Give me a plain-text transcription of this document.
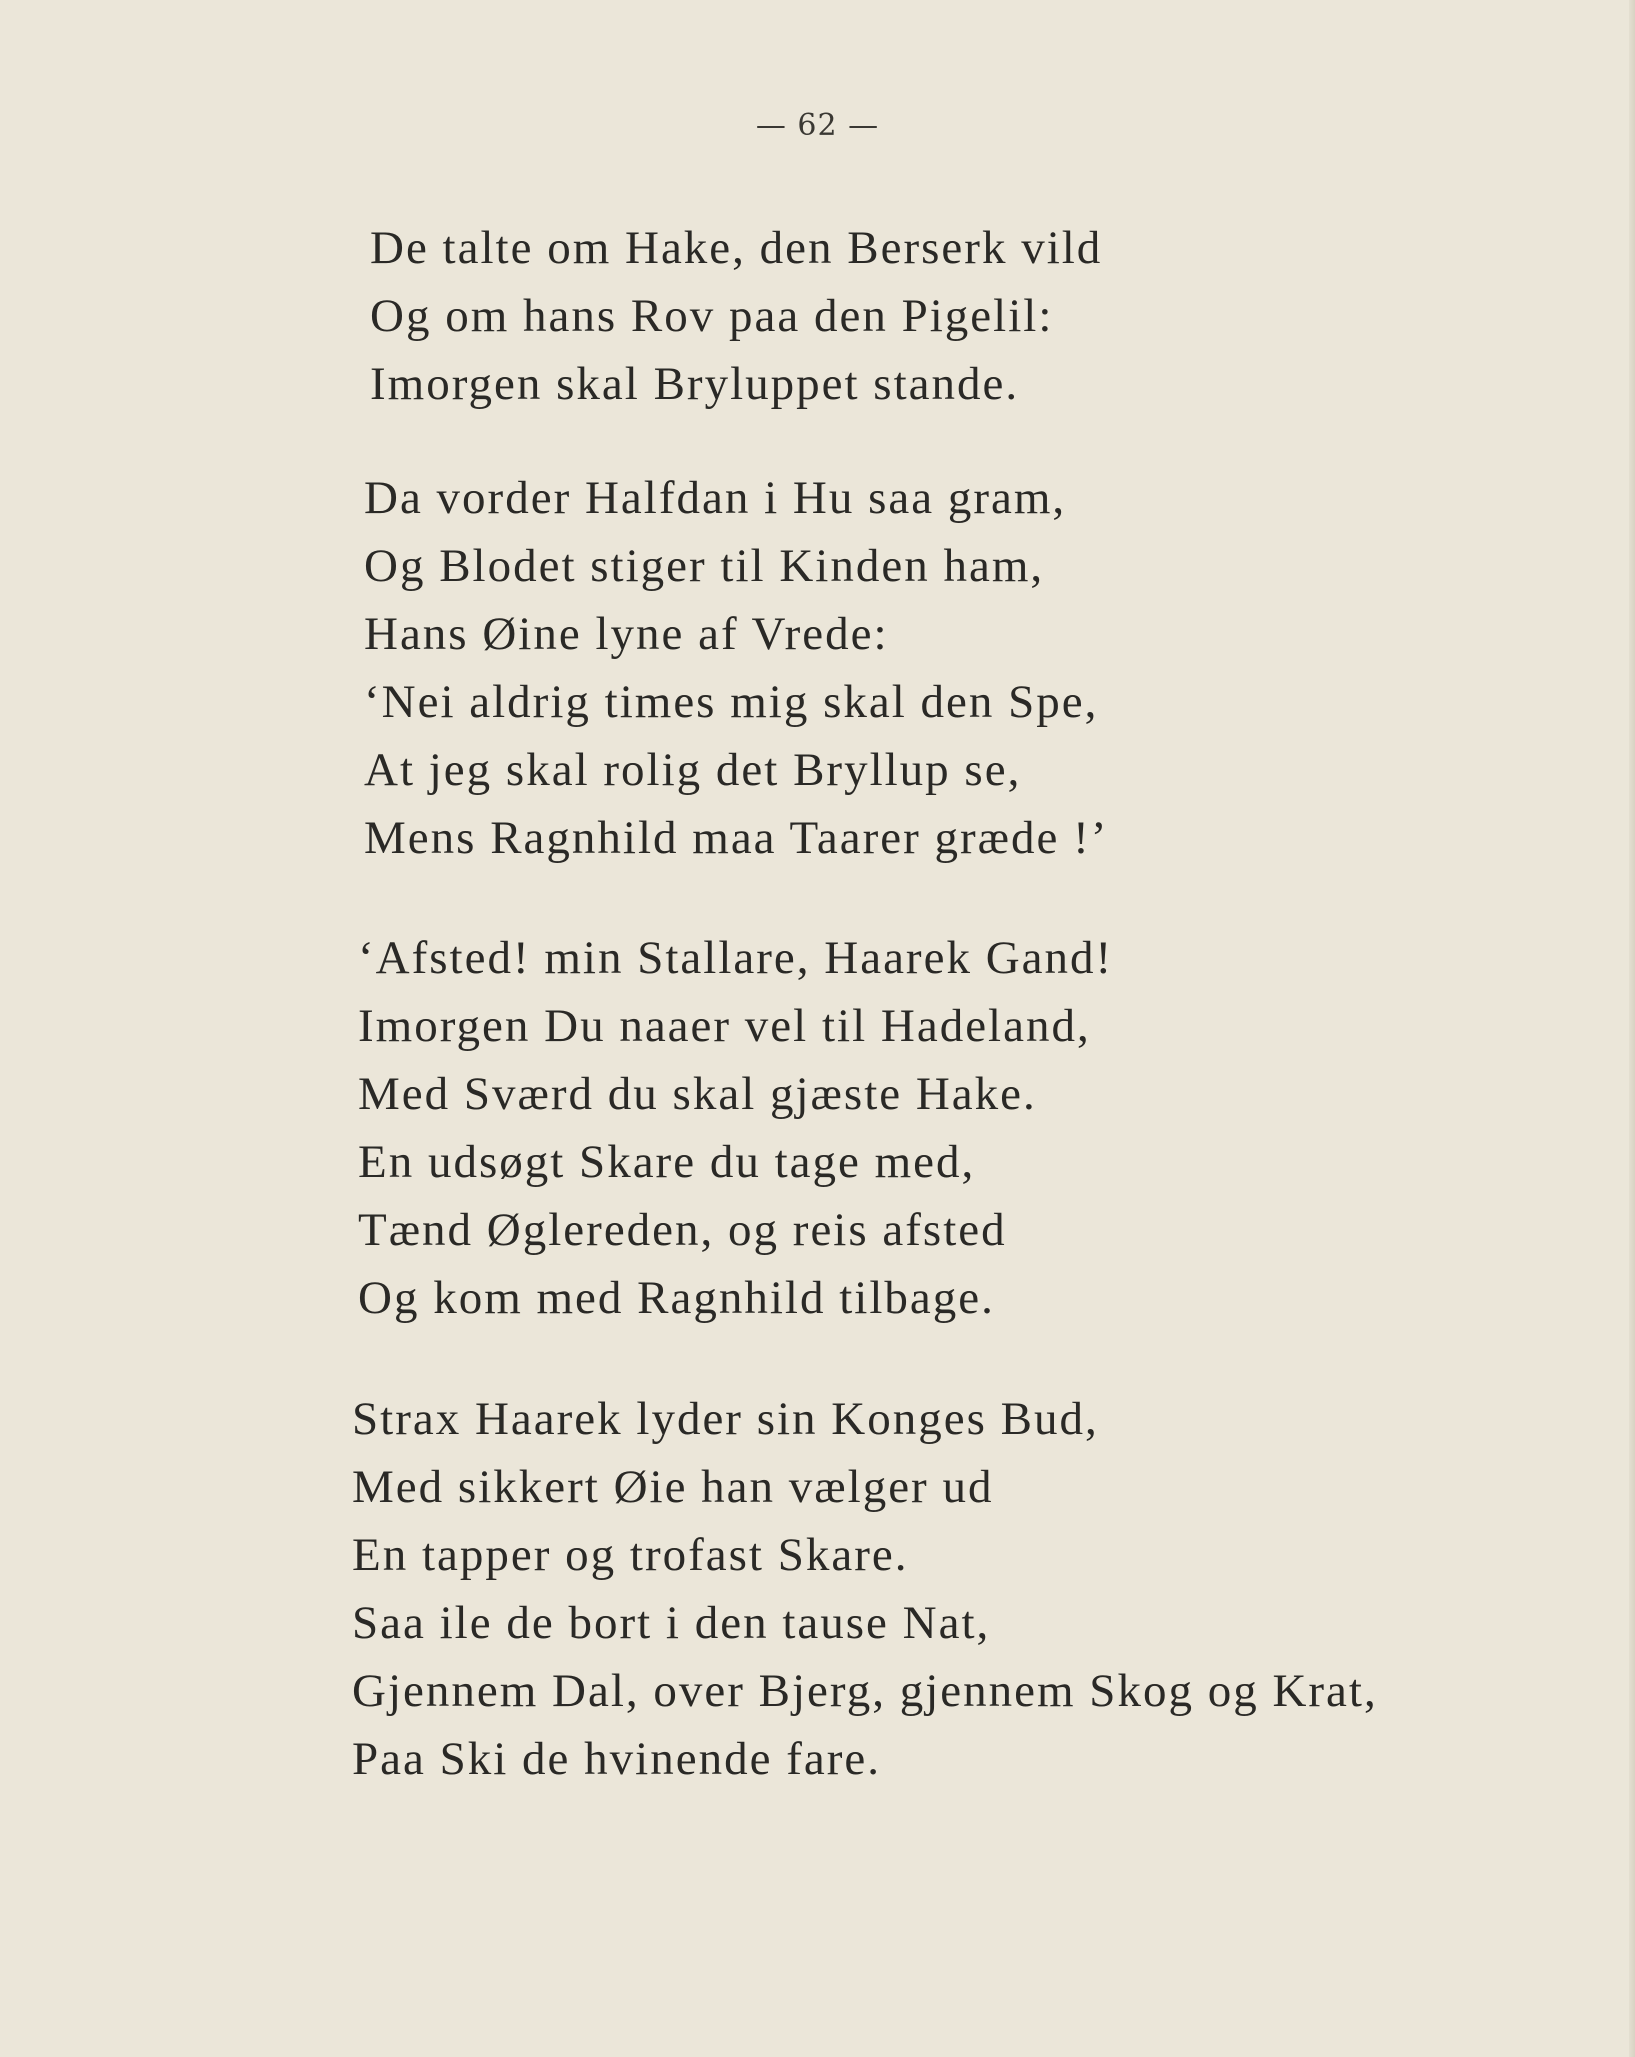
— 62 —
De talte om Hake, den Berserk vild
Og om hans Rov paa den Pigelil:
Imorgen skal Bryluppet stande.
Da vorder Halfdan i Hu saa gram,
Og Blodet stiger til Kinden ham,
Hans Øine lyne af Vrede:
‘Nei aldrig times mig skal den Spe,
At jeg skal rolig det Bryllup se,
Mens Ragnhild maa Taarer græde !’
‘Afsted! min Stallare, Haarek Gand!
Imorgen Du naaer vel til Hadeland,
Med Sværd du skal gjæste Hake.
En udsøgt Skare du tage med,
Tænd Øglereden, og reis afsted
Og kom med Ragnhild tilbage.
Strax Haarek lyder sin Konges Bud,
Med sikkert Øie han vælger ud
En tapper og trofast Skare.
Saa ile de bort i den tause Nat,
Gjennem Dal, over Bjerg, gjennem Skog og Krat,
Paa Ski de hvinende fare.
